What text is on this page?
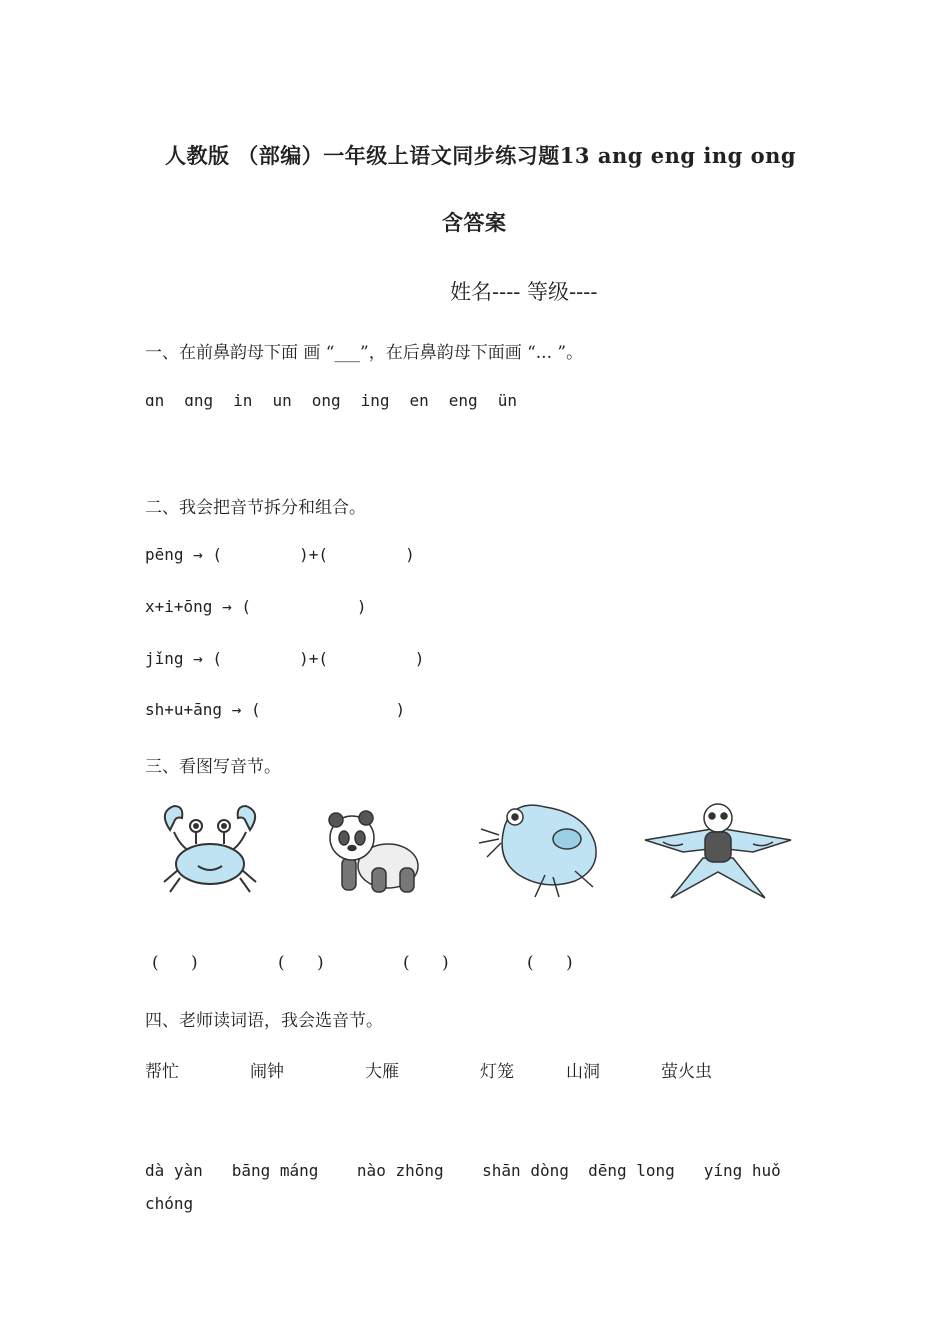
人教版 （部编）一年级上语文同步练习题13 ang eng ing ong
含答案
姓名---- 等级----
一、在前鼻韵母下面 画 “___”，在后鼻韵母下面画 “... ”。
ɑn ɑng in un ong ing en eng ün
二、我会把音节拆分和组合。
pēng → (        )+(        )
x+i+ōng → (           )
jǐng → (        )+(         )
sh+u+āng → (              )
三、看图写音节。
(      )	(      )	(      )	(      )
四、老师读词语，我会选音节。
帮忙	闹钟	大雁	灯笼	山洞	萤火虫
dà yàn   bāng máng    nào zhōng    shān dòng  dēng long   yíng huǒ
chóng
